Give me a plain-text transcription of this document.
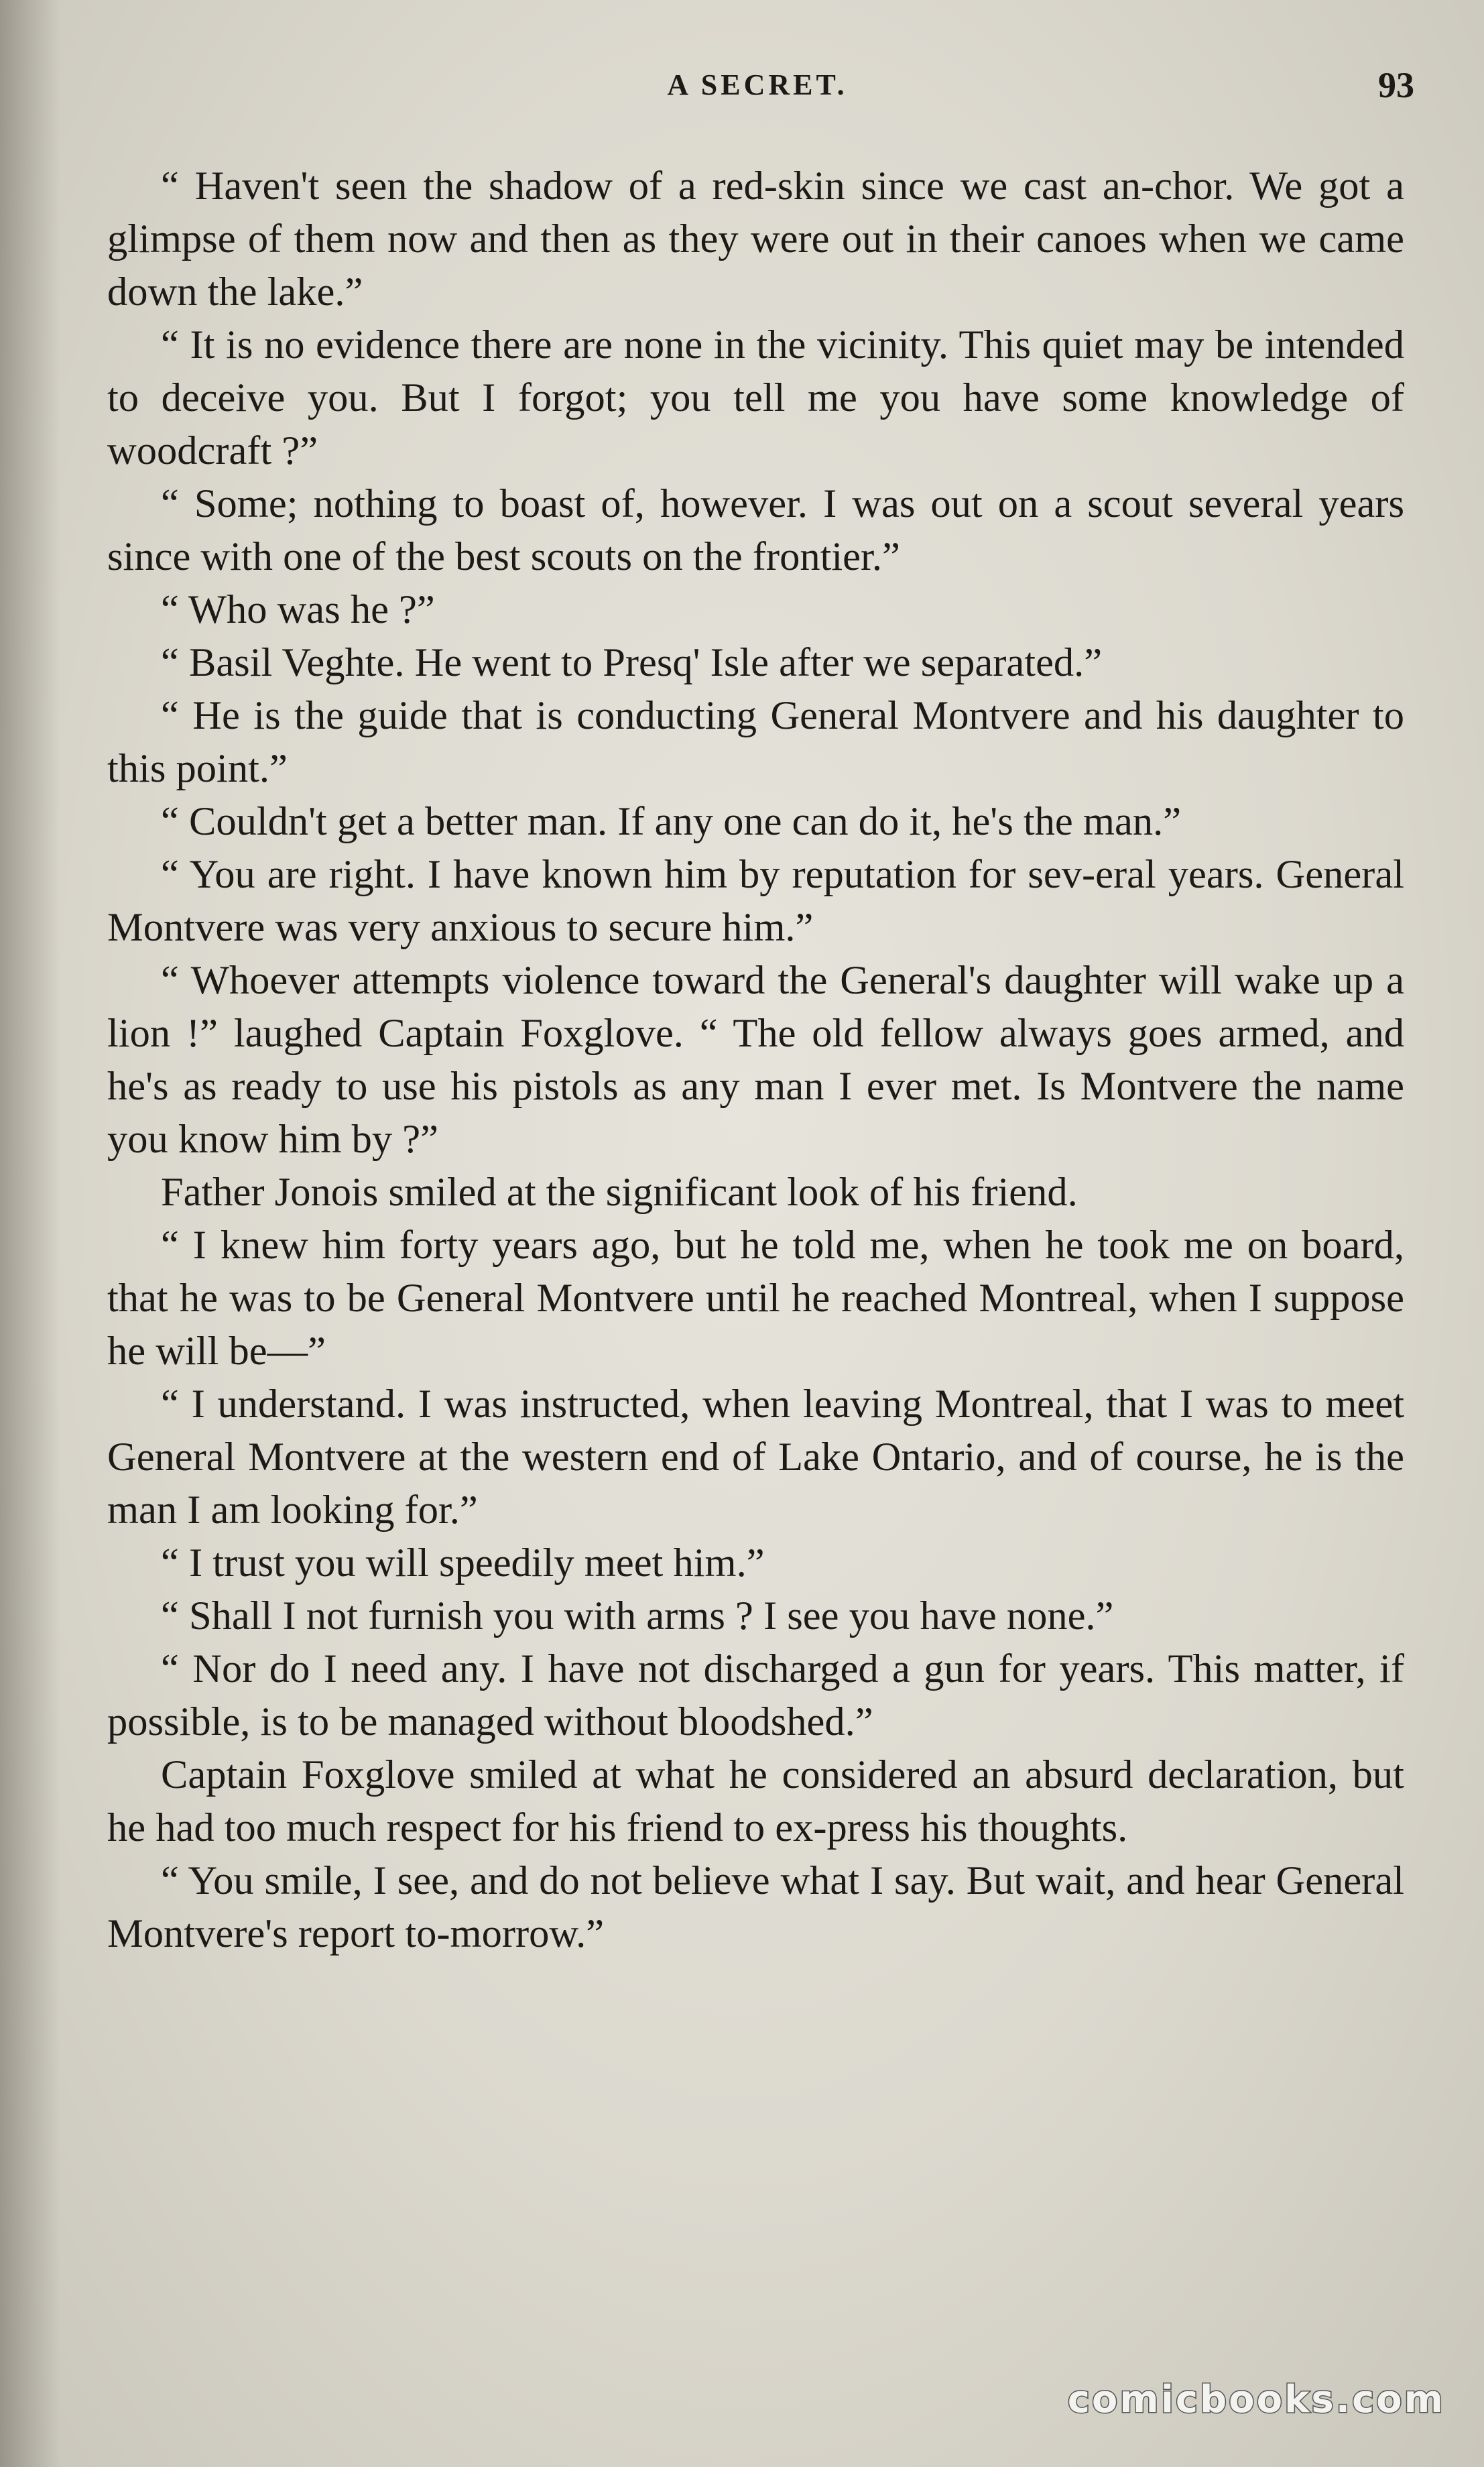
A SECRET.	93

“ Haven't seen the shadow of a red-skin since we cast an-chor. We got a glimpse of them now and then as they were out in their canoes when we came down the lake.”

“ It is no evidence there are none in the vicinity. This quiet may be intended to deceive you. But I forgot; you tell me you have some knowledge of woodcraft ?”

“ Some; nothing to boast of, however. I was out on a scout several years since with one of the best scouts on the frontier.”

“ Who was he ?”

“ Basil Veghte. He went to Presq' Isle after we separated.”

“ He is the guide that is conducting General Montvere and his daughter to this point.”

“ Couldn't get a better man. If any one can do it, he's the man.”

“ You are right. I have known him by reputation for sev-eral years. General Montvere was very anxious to secure him.”

“ Whoever attempts violence toward the General's daughter will wake up a lion !” laughed Captain Foxglove. “ The old fellow always goes armed, and he's as ready to use his pistols as any man I ever met. Is Montvere the name you know him by ?”

Father Jonois smiled at the significant look of his friend.

“ I knew him forty years ago, but he told me, when he took me on board, that he was to be General Montvere until he reached Montreal, when I suppose he will be—”

“ I understand. I was instructed, when leaving Montreal, that I was to meet General Montvere at the western end of Lake Ontario, and of course, he is the man I am looking for.”

“ I trust you will speedily meet him.”

“ Shall I not furnish you with arms ? I see you have none.”

“ Nor do I need any. I have not discharged a gun for years. This matter, if possible, is to be managed without bloodshed.”

Captain Foxglove smiled at what he considered an absurd declaration, but he had too much respect for his friend to ex-press his thoughts.

“ You smile, I see, and do not believe what I say. But wait, and hear General Montvere's report to-morrow.”

comicbooks.com
